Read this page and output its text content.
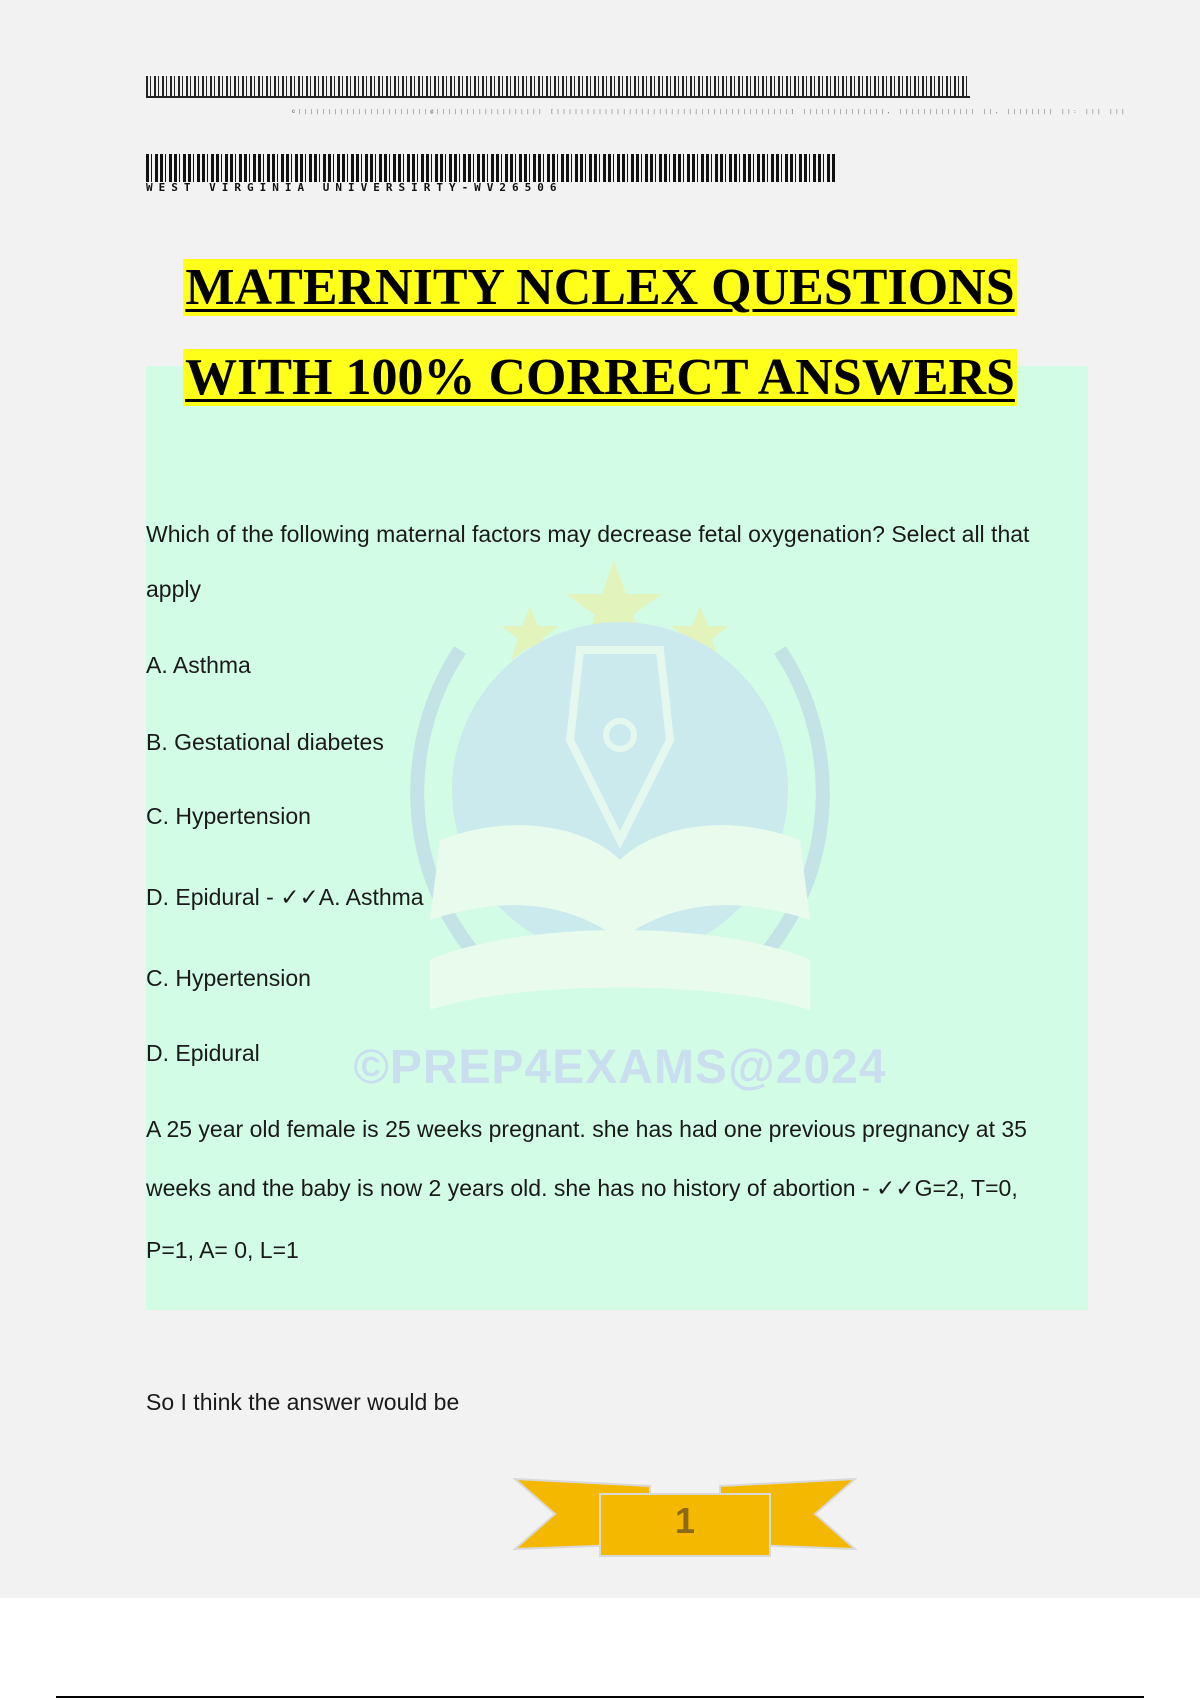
©||||||||||||||||||||||@|||||||||||||||||| [|||||||||||||||||||||||||||||||||||||||] ||||||||||||||, ||||||||||||| ||, |||||||| ||: ||| |||
WEST VIRGINIA UNIVERSIRTY-WV26506
©PREP4EXAMS@2024
MATERNITY NCLEX QUESTIONS
WITH 100% CORRECT ANSWERS
Which of the following maternal factors may decrease fetal oxygenation? Select all that
apply
A. Asthma
B. Gestational diabetes
C. Hypertension
D. Epidural - ✓✓A. Asthma
C. Hypertension
D. Epidural
A 25 year old female is 25 weeks pregnant. she has had one previous pregnancy at 35
weeks and the baby is now 2 years old. she has no history of abortion - ✓✓G=2, T=0,
P=1, A= 0, L=1
So I think the answer would be
1
